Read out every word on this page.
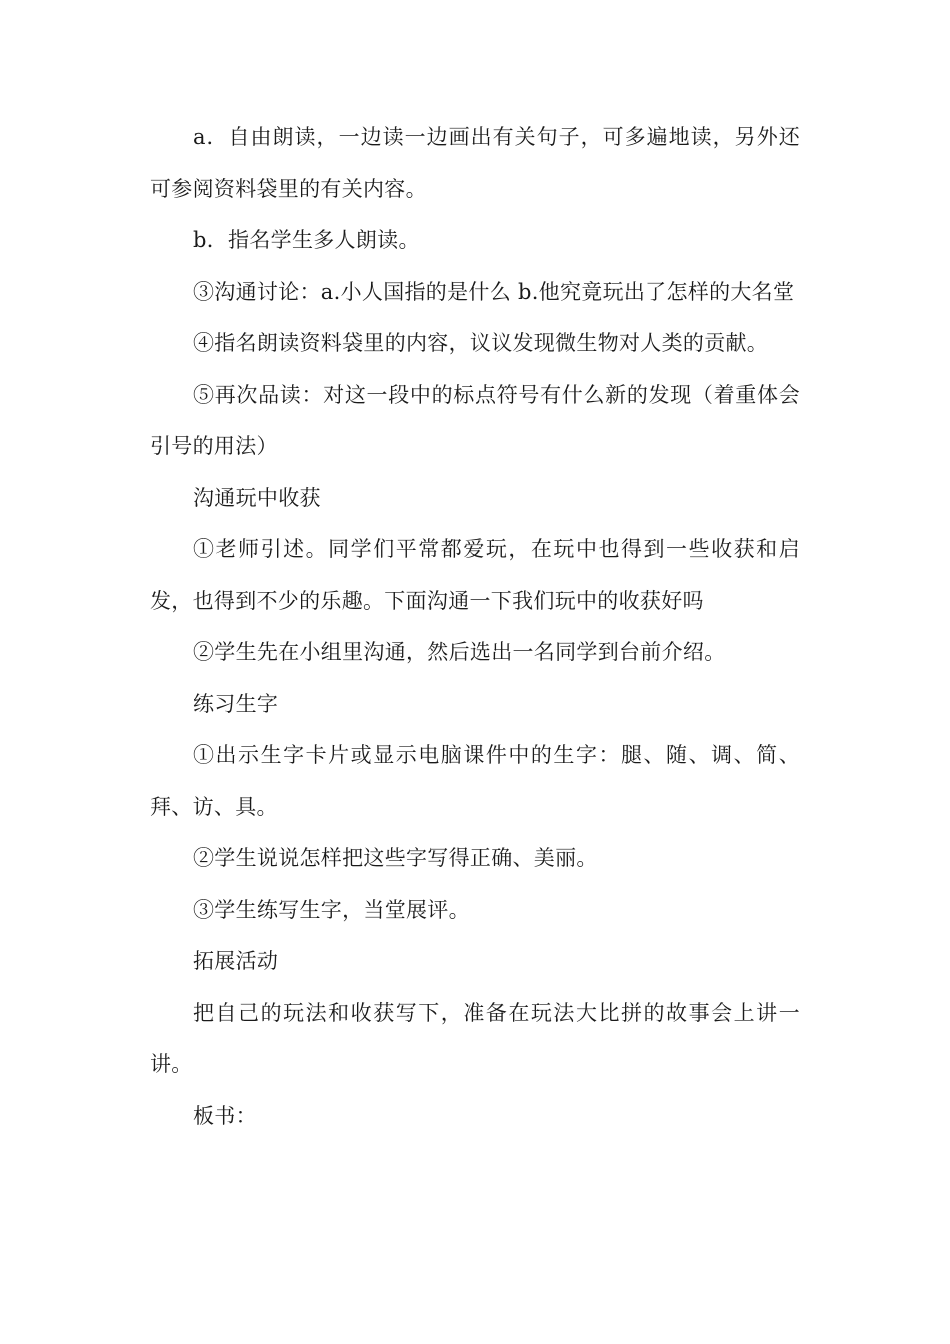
a．自由朗读，一边读一边画出有关句子，可多遍地读，另外还可参阅资料袋里的有关内容。

b．指名学生多人朗读。

③沟通讨论：a.小人国指的是什么 b.他究竟玩出了怎样的大名堂

④指名朗读资料袋里的内容，议议发现微生物对人类的贡献。

⑤再次品读：对这一段中的标点符号有什么新的发现（着重体会引号的用法）

沟通玩中收获

①老师引述。同学们平常都爱玩，在玩中也得到一些收获和启发，也得到不少的乐趣。下面沟通一下我们玩中的收获好吗

②学生先在小组里沟通，然后选出一名同学到台前介绍。

练习生字

①出示生字卡片或显示电脑课件中的生字：腿、随、调、简、拜、访、具。

②学生说说怎样把这些字写得正确、美丽。

③学生练写生字，当堂展评。

拓展活动

把自己的玩法和收获写下，准备在玩法大比拼的故事会上讲一讲。

板书：
